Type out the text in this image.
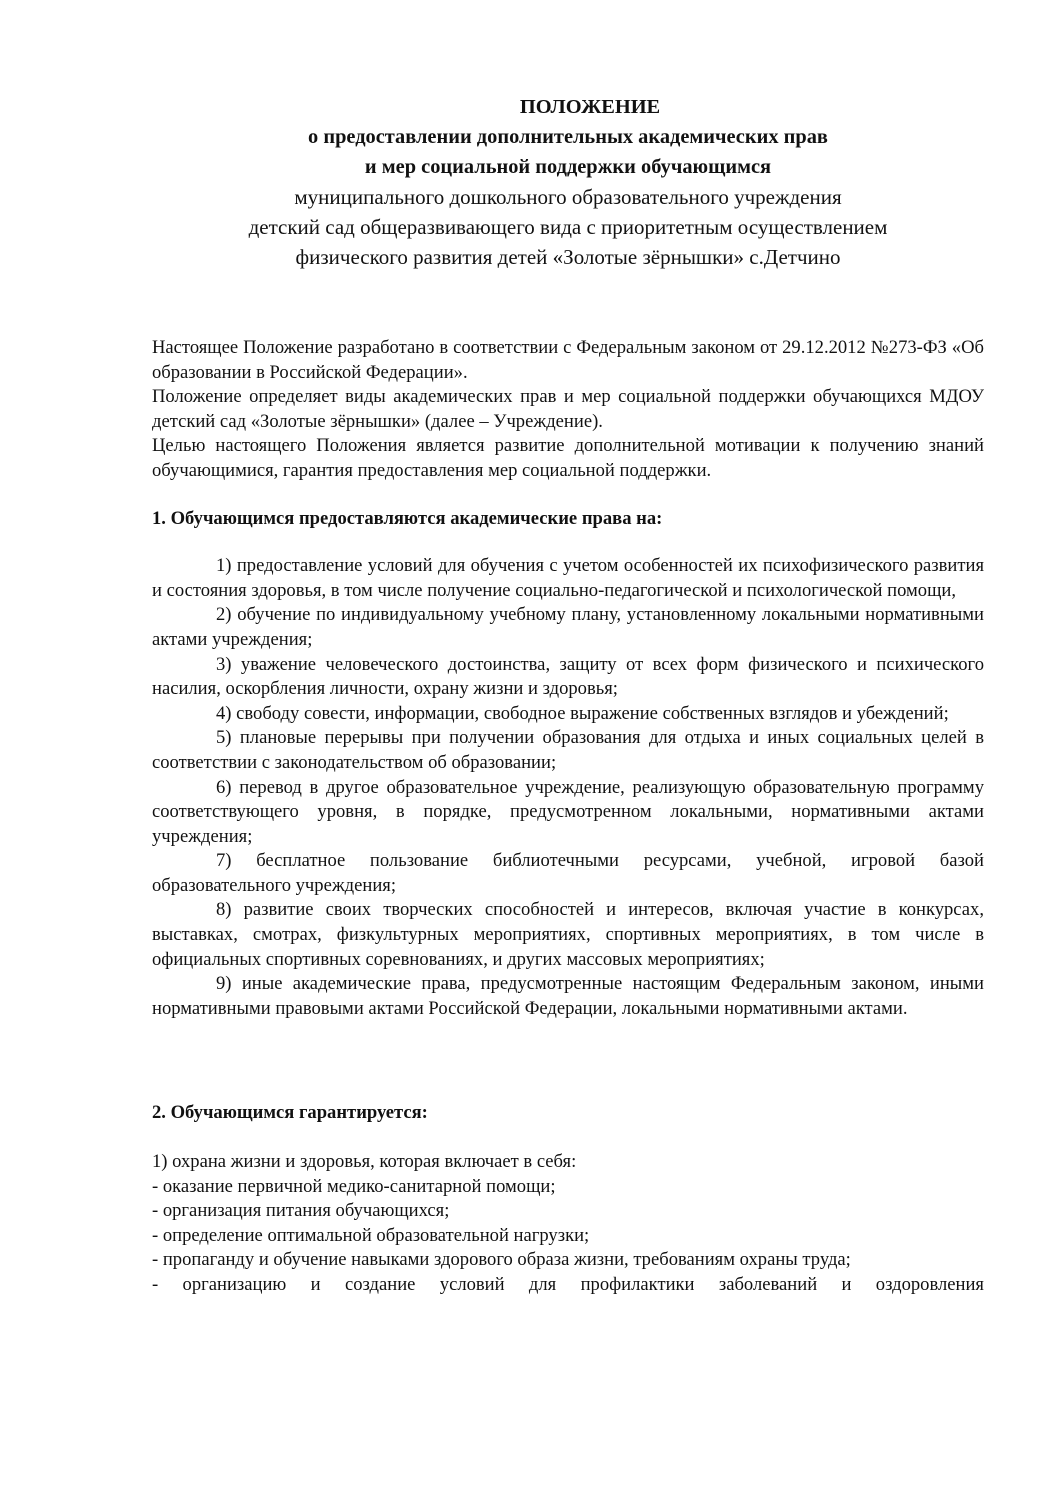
ПОЛОЖЕНИЕ

о предоставлении дополнительных академических прав

и мер социальной поддержки обучающимся

муниципального дошкольного образовательного учреждения

детский сад общеразвивающего вида с приоритетным осуществлением

физического развития детей «Золотые зёрнышки» с.Детчино

Настоящее Положение разработано в соответствии с Федеральным законом от 29.12.2012 №273-ФЗ «Об образовании в Российской Федерации».

Положение определяет виды академических прав и мер социальной поддержки обучающихся МДОУ детский сад «Золотые зёрнышки» (далее – Учреждение).

Целью настоящего Положения является развитие дополнительной мотивации к получению знаний обучающимися, гарантия предоставления мер социальной поддержки.

1. Обучающимся предоставляются академические права на:

1) предоставление условий для обучения с учетом особенностей их психофизического развития и состояния здоровья, в том числе получение социально-педагогической и психологической помощи,

2) обучение по индивидуальному учебному плану, установленному локальными нормативными актами учреждения;

3) уважение человеческого достоинства, защиту от всех форм физического и психического насилия, оскорбления личности, охрану жизни и здоровья;

4) свободу совести, информации, свободное выражение собственных взглядов и убеждений;

5) плановые перерывы при получении образования для отдыха и иных социальных целей в соответствии с законодательством об образовании;

6) перевод в другое образовательное учреждение, реализующую образовательную программу соответствующего уровня, в порядке, предусмотренном локальными, нормативными актами учреждения;

7) бесплатное пользование библиотечными ресурсами, учебной, игровой базой образовательного учреждения;

8) развитие своих творческих способностей и интересов, включая участие в конкурсах, выставках, смотрах, физкультурных мероприятиях, спортивных мероприятиях, в том числе в официальных спортивных соревнованиях, и других массовых мероприятиях;

9) иные академические права, предусмотренные настоящим Федеральным законом, иными нормативными правовыми актами Российской Федерации, локальными нормативными актами.

2. Обучающимся гарантируется:

1) охрана жизни и здоровья, которая включает в себя:

- оказание первичной медико-санитарной помощи;

- организация питания обучающихся;

- определение оптимальной образовательной нагрузки;

- пропаганду и обучение навыками здорового образа жизни, требованиям охраны труда;

- организацию и создание условий для профилактики заболеваний и оздоровления
